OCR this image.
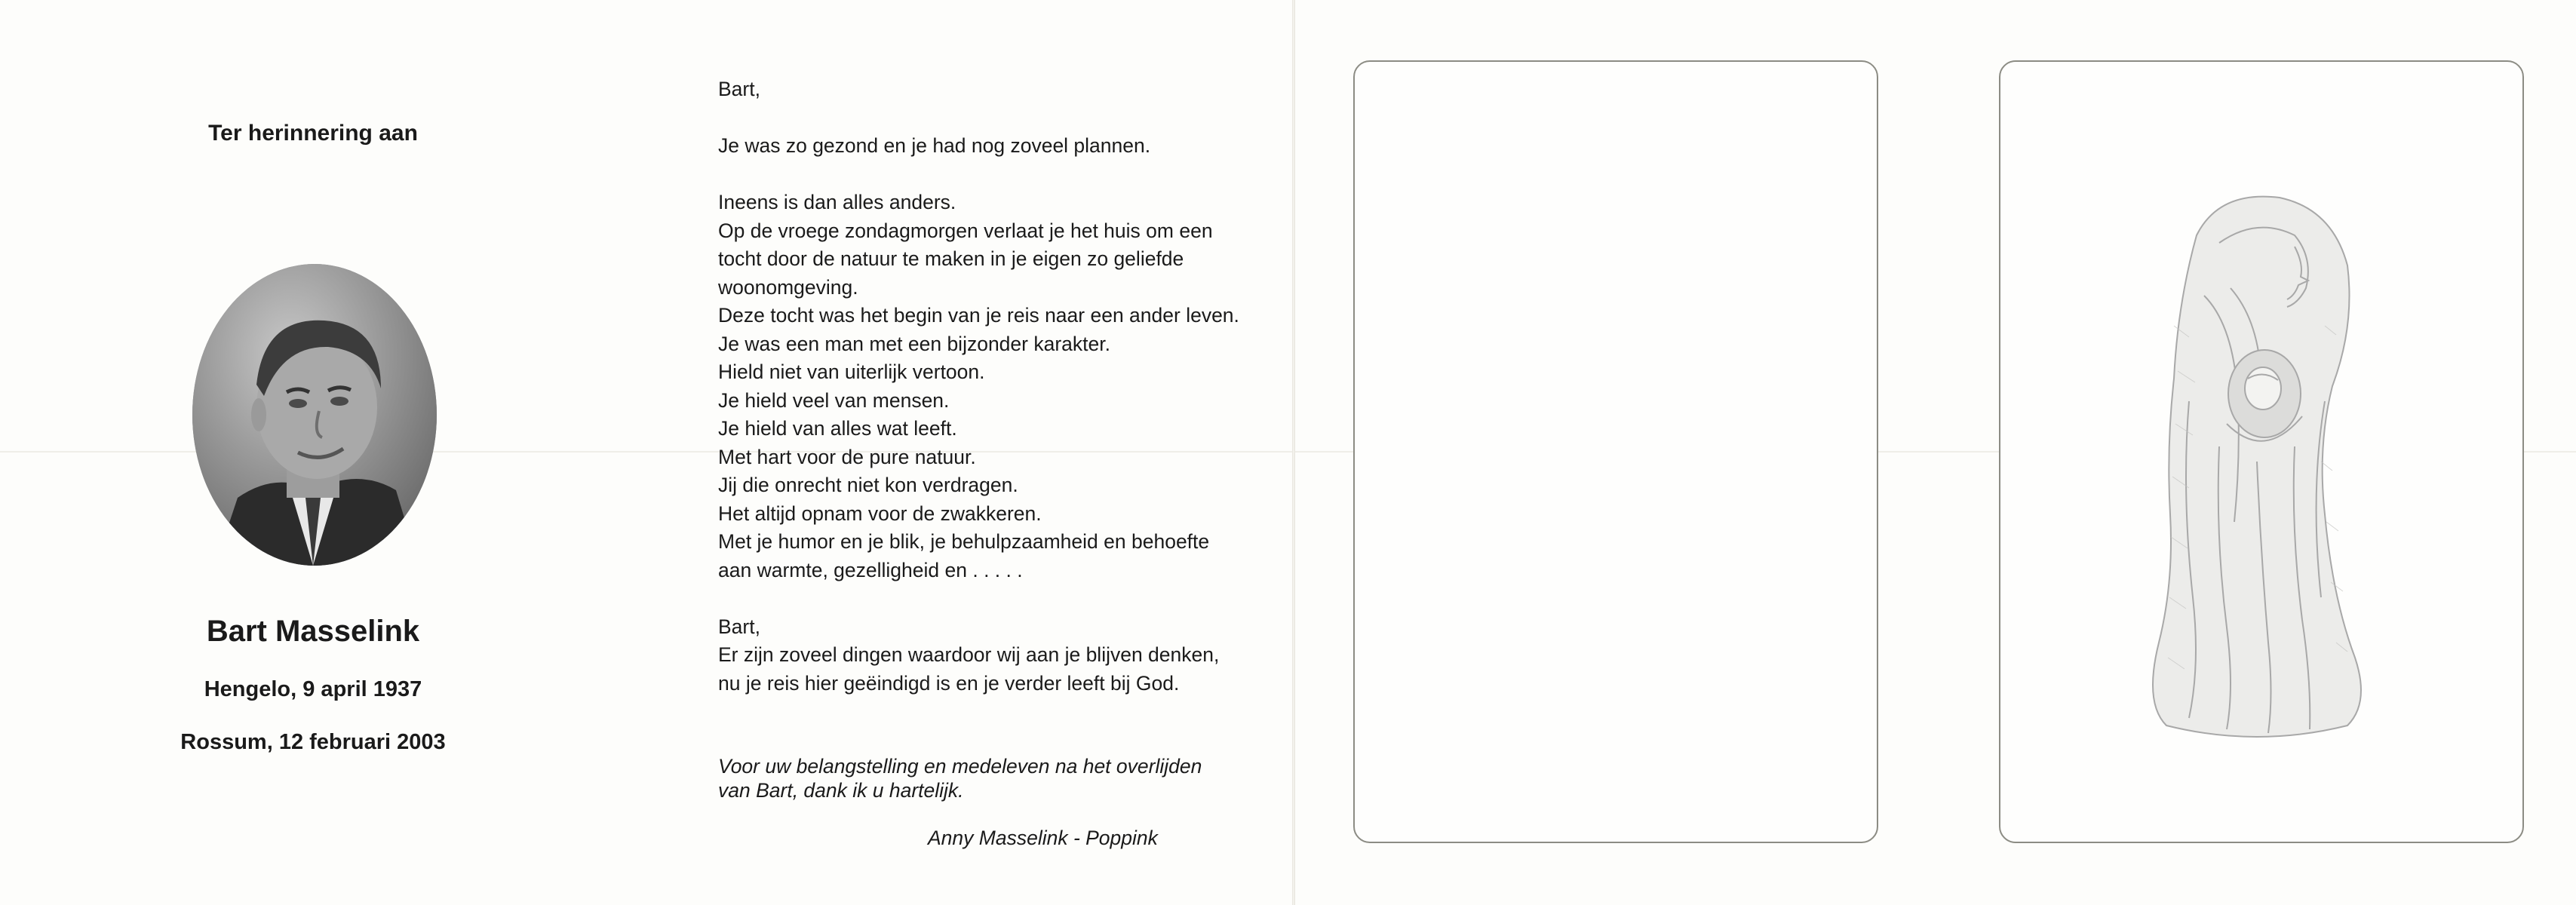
Ter herinnering aan
Bart Masselink
Hengelo, 9 april 1937
Rossum, 12 februari 2003
Bart,
Je was zo gezond en je had nog zoveel plannen.
Ineens is dan alles anders.
Op de vroege zondagmorgen verlaat je het huis om een
tocht door de natuur te maken in je eigen zo geliefde
woonomgeving.
Deze tocht was het begin van je reis naar een ander leven.
Je was een man met een bijzonder karakter.
Hield niet van uiterlijk vertoon.
Je hield veel van mensen.
Je hield van alles wat leeft.
Met hart voor de pure natuur.
Jij die onrecht niet kon verdragen.
Het altijd opnam voor de zwakkeren.
Met je humor en je blik, je behulpzaamheid en behoefte
aan warmte, gezelligheid en . . . . .
Bart,
Er zijn zoveel dingen waardoor wij aan je blijven denken,
nu je reis hier geëindigd is en je verder leeft bij God.
Voor uw belangstelling en medeleven na het overlijden
van Bart, dank ik u hartelijk.
Anny Masselink - Poppink
